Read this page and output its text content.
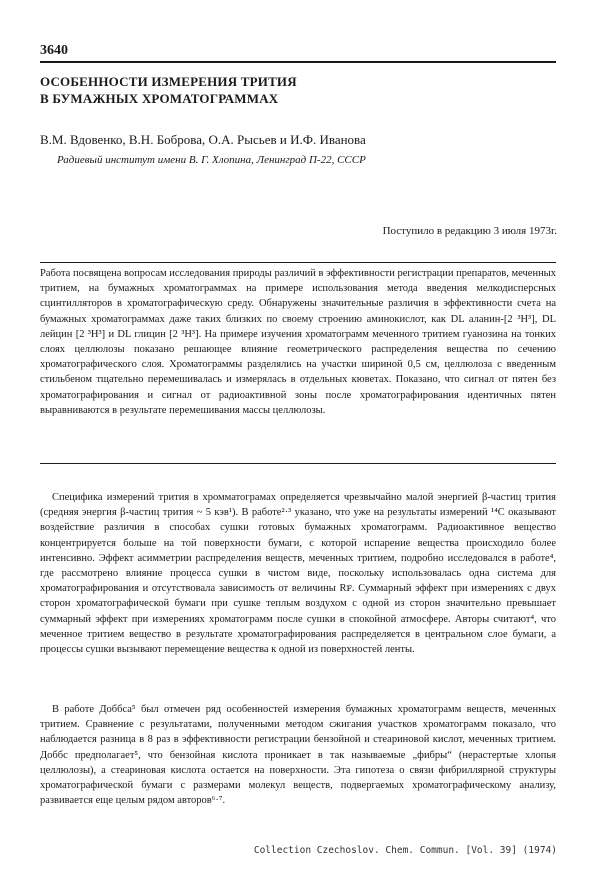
3640
ОСОБЕННОСТИ ИЗМЕРЕНИЯ ТРИТИЯ
В БУМАЖНЫХ ХРОМАТОГРАММАХ
В.М. Вдовенко, В.Н. Боброва, О.А. Рысьев и И.Ф. Иванова
Радиевый институт имени В. Г. Хлопина, Ленинград П-22, СССР
Поступило в редакцию 3 июля 1973г.

Работа посвящена вопросам исследования природы различий в эффективности регистрации препаратов, меченных тритием, на бумажных хроматограммах на примере использования метода введения мелкодисперсных сцинтилляторов в хроматографическую среду. Обнаружены значительные различия в эффективности счета на бумажных хроматограммах даже таких близких по своему строению аминокислот, как DL аланин-[2 ³H³], DL лейцин [2 ³H³] и DL глицин [2 ³H³]. На примере изучения хроматограмм меченного тритием гуанозина на тонких слоях целлюлозы показано решающее влияние геометрического распределения вещества по сечению хроматографического слоя. Хроматограммы разделялись на участки шириной 0,5 см, целлюлоза с введенным стильбеном тщательно перемешивалась и измерялась в отдельных кюветах. Показано, что сигнал от пятен без хроматографирования и сигнал от радиоактивной зоны после хроматографирования идентичных пятен выравниваются в результате перемешивания массы целлюлозы.

Специфика измерений трития в хромматограмах определяется чрезвычайно малой энергией β-частиц трития (средняя энергия β-частиц трития ~ 5 кэв¹). В работе²·³ указано, что уже на результаты измерений ¹⁴C оказывают воздействие различия в способах сушки готовых бумажных хроматограмм. Радиоактивное вещество концентрируется больше на той поверхности бумаги, с которой испарение вещества происходило более интенсивно. Эффект асимметрии распределения веществ, меченных тритием, подробно исследовался в работе⁴, где рассмотрено влияние процесса сушки в чистом виде, поскольку использовалась одна система для хроматографирования и отсутствовала зависимость от величины Rꜰ. Суммарный эффект при измерениях с двух сторон хроматографической бумаги при сушке теплым воздухом с одной из сторон значительно превышает суммарный эффект при измерениях хроматограмм после сушки в спокойной атмосфере. Авторы считают⁴, что меченное тритием вещество в результате хроматографирования распределяется в центральном слое бумаги, а процессы сушки вызывают перемещение вещества к одной из поверхностей ленты.

В работе Доббса⁵ был отмечен ряд особенностей измерения бумажных хроматограмм веществ, меченных тритием. Сравнение с результатами, полученными методом сжигания участков хроматограмм показало, что наблюдается разница в 8 раз в эффективности регистрации бензойной и стеариновой кислот, меченных тритием. Доббс предполагает⁵, что бензойная кислота проникает в так называемые „фибры“ (нерастертые хлопья целлюлозы), а стеариновая кислота остается на поверхности. Эта гипотеза о связи фибриллярной структуры хроматографической бумаги с размерами молекул веществ, подвергаемых хроматографическому анализу, развивается еще целым рядом авторов⁶·⁷.

Collection Czechoslov. Chem. Commun. [Vol. 39] (1974)
